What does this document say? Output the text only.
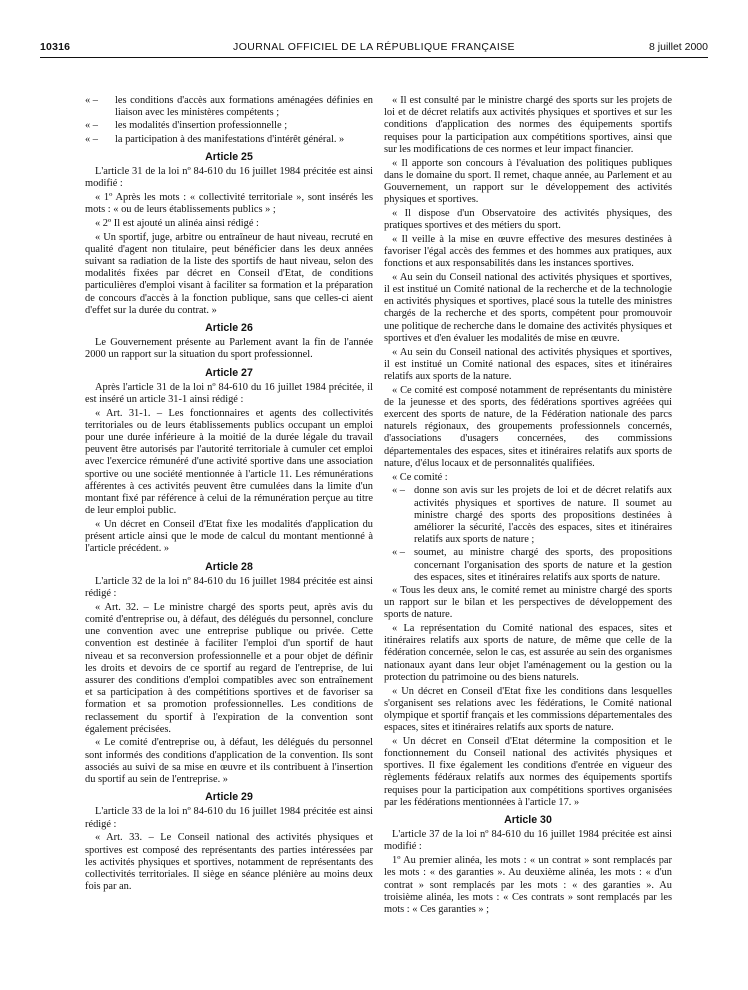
10316	JOURNAL OFFICIEL DE LA RÉPUBLIQUE FRANÇAISE	8 juillet 2000
« –	les conditions d'accès aux formations aménagées définies en liaison avec les ministères compétents ;
« –	les modalités d'insertion professionnelle ;
« –	la participation à des manifestations d'intérêt général. »
Article 25

L'article 31 de la loi nº 84-610 du 16 juillet 1984 précitée est ainsi modifié :

« 1º Après les mots : « collectivité territoriale », sont insérés les mots : « ou de leurs établissements publics » ;

« 2º Il est ajouté un alinéa ainsi rédigé :

« Un sportif, juge, arbitre ou entraîneur de haut niveau, recruté en qualité d'agent non titulaire, peut bénéficier dans les deux années suivant sa radiation de la liste des sportifs de haut niveau, selon des modalités fixées par décret en Conseil d'Etat, de conditions particulières d'emploi visant à faciliter sa formation et la préparation de concours d'accès à la fonction publique, sans que celles-ci aient d'effet sur la durée du contrat. »

Article 26

Le Gouvernement présente au Parlement avant la fin de l'année 2000 un rapport sur la situation du sport professionnel.

Article 27

Après l'article 31 de la loi nº 84-610 du 16 juillet 1984 précitée, il est inséré un article 31-1 ainsi rédigé :

« Art. 31-1. – Les fonctionnaires et agents des collectivités territoriales ou de leurs établissements publics occupant un emploi pour une durée inférieure à la moitié de la durée légale du travail peuvent être autorisés par l'autorité territoriale à cumuler cet emploi avec l'exercice rémunéré d'une activité sportive dans une association sportive ou une société mentionnée à l'article 11. Les rémunérations afférentes à ces activités peuvent être cumulées dans la limite d'un montant fixé par référence à celui de la rémunération perçue au titre de leur emploi public.

« Un décret en Conseil d'Etat fixe les modalités d'application du présent article ainsi que le mode de calcul du montant mentionné à l'article précédent. »

Article 28

L'article 32 de la loi nº 84-610 du 16 juillet 1984 précitée est ainsi rédigé :

« Art. 32. – Le ministre chargé des sports peut, après avis du comité d'entreprise ou, à défaut, des délégués du personnel, conclure une convention avec une entreprise publique ou privée. Cette convention est destinée à faciliter l'emploi d'un sportif de haut niveau et sa reconversion professionnelle et a pour objet de définir les droits et devoirs de ce sportif au regard de l'entreprise, de lui assurer des conditions d'emploi compatibles avec son entraînement et sa participation à des compétitions sportives et de favoriser sa formation et sa promotion professionnelles. Les conditions de reclassement du sportif à l'expiration de la convention sont également précisées.

« Le comité d'entreprise ou, à défaut, les délégués du personnel sont informés des conditions d'application de la convention. Ils sont associés au suivi de sa mise en œuvre et ils contribuent à l'insertion du sportif au sein de l'entreprise. »

Article 29

L'article 33 de la loi nº 84-610 du 16 juillet 1984 précitée est ainsi rédigé :

« Art. 33. – Le Conseil national des activités physiques et sportives est composé des représentants des parties intéressées par les activités physiques et sportives, notamment de représentants des collectivités territoriales. Il siège en séance plénière au moins deux fois par an.

« Il est consulté par le ministre chargé des sports sur les projets de loi et de décret relatifs aux activités physiques et sportives et sur les conditions d'application des normes des équipements sportifs requises pour la participation aux compétitions sportives, ainsi que sur les modifications de ces normes et leur impact financier.

« Il apporte son concours à l'évaluation des politiques publiques dans le domaine du sport. Il remet, chaque année, au Parlement et au Gouvernement, un rapport sur le développement des activités physiques et sportives.

« Il dispose d'un Observatoire des activités physiques, des pratiques sportives et des métiers du sport.

« Il veille à la mise en œuvre effective des mesures destinées à favoriser l'égal accès des femmes et des hommes aux pratiques, aux fonctions et aux responsabilités dans les instances sportives.

« Au sein du Conseil national des activités physiques et sportives, il est institué un Comité national de la recherche et de la technologie en activités physiques et sportives, placé sous la tutelle des ministres chargés de la recherche et des sports, compétent pour promouvoir une politique de recherche dans le domaine des activités physiques et sportives et d'en évaluer les modalités de mise en œuvre.

« Au sein du Conseil national des activités physiques et sportives, il est institué un Comité national des espaces, sites et itinéraires relatifs aux sports de la nature.

« Ce comité est composé notamment de représentants du ministère de la jeunesse et des sports, des fédérations sportives agréées qui exercent des sports de nature, de la Fédération nationale des parcs naturels régionaux, des groupements professionnels concernés, d'associations d'usagers concernées, des commissions départementales des espaces, sites et itinéraires relatifs aux sports de nature, d'élus locaux et de personnalités qualifiées.

« Ce comité :

« – donne son avis sur les projets de loi et de décret relatifs aux activités physiques et sportives de nature. Il soumet au ministre chargé des sports des propositions destinées à améliorer la sécurité, l'accès des espaces, sites et itinéraires relatifs aux sports de nature ;
« – soumet, au ministre chargé des sports, des propositions concernant l'organisation des sports de nature et la gestion des espaces, sites et itinéraires relatifs aux sports de nature.

« Tous les deux ans, le comité remet au ministre chargé des sports un rapport sur le bilan et les perspectives de développement des sports de nature.

« La représentation du Comité national des espaces, sites et itinéraires relatifs aux sports de nature, de même que celle de la fédération concernée, selon le cas, est assurée au sein des organismes nationaux ayant dans leur objet l'aménagement ou la gestion ou la protection du patrimoine ou des biens naturels.

« Un décret en Conseil d'Etat fixe les conditions dans lesquelles s'organisent ses relations avec les fédérations, le Comité national olympique et sportif français et les commissions départementales des espaces, sites et itinéraires relatifs aux sports de nature.

« Un décret en Conseil d'Etat détermine la composition et le fonctionnement du Conseil national des activités physiques et sportives. Il fixe également les conditions d'entrée en vigueur des règlements fédéraux relatifs aux normes des équipements sportifs requises pour la participation aux compétitions sportives organisées par les fédérations mentionnées à l'article 17. »

Article 30

L'article 37 de la loi nº 84-610 du 16 juillet 1984 précitée est ainsi modifié :

1º Au premier alinéa, les mots : « un contrat » sont remplacés par les mots : « des garanties ». Au deuxième alinéa, les mots : « d'un contrat » sont remplacés par les mots : « des garanties ». Au troisième alinéa, les mots : « Ces contrats » sont remplacés par les mots : « Ces garanties » ;
